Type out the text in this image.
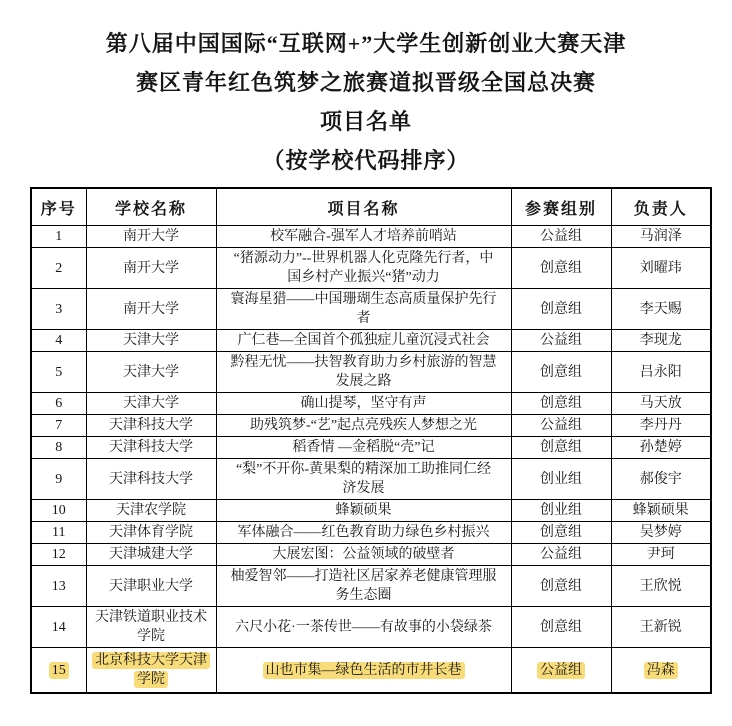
第八届中国国际“互联网+”大学生创新创业大赛天津
赛区青年红色筑梦之旅赛道拟晋级全国总决赛
项目名单
（按学校代码排序）
序号	学校名称	项目名称	参赛组别	负责人
1	南开大学	校军融合-强军人才培养前哨站	公益组	马润泽
2	南开大学	“猪源动力”--世界机器人化克隆先行者，中国乡村产业振兴“猪”动力	创意组	刘曜玮
3	南开大学	寰海星猎——中国珊瑚生态高质量保护先行者	创意组	李天赐
4	天津大学	广仁巷—全国首个孤独症儿童沉浸式社会	公益组	李现龙
5	天津大学	黔程无忧——扶智教育助力乡村旅游的智慧发展之路	创意组	吕永阳
6	天津大学	确山提琴，坚守有声	创意组	马天放
7	天津科技大学	助残筑梦-“艺”起点亮残疾人梦想之光	公益组	李丹丹
8	天津科技大学	稻香情 —金稻脱“壳”记	创意组	孙楚婷
9	天津科技大学	“梨”不开你-黄果梨的精深加工助推同仁经济发展	创业组	郝俊宇
10	天津农学院	蜂颖硕果	创业组	蜂颖硕果
11	天津体育学院	军体融合——红色教育助力绿色乡村振兴	创意组	吴梦婷
12	天津城建大学	大展宏图：公益领域的破壁者	公益组	尹珂
13	天津职业大学	柚爱智邻——打造社区居家养老健康管理服务生态圈	创意组	王欣悦
14	天津铁道职业技术学院	六尺小花·一茶传世——有故事的小袋绿茶	创意组	王新锐
15	北京科技大学天津学院	山也市集—绿色生活的市井长巷	公益组	冯森
